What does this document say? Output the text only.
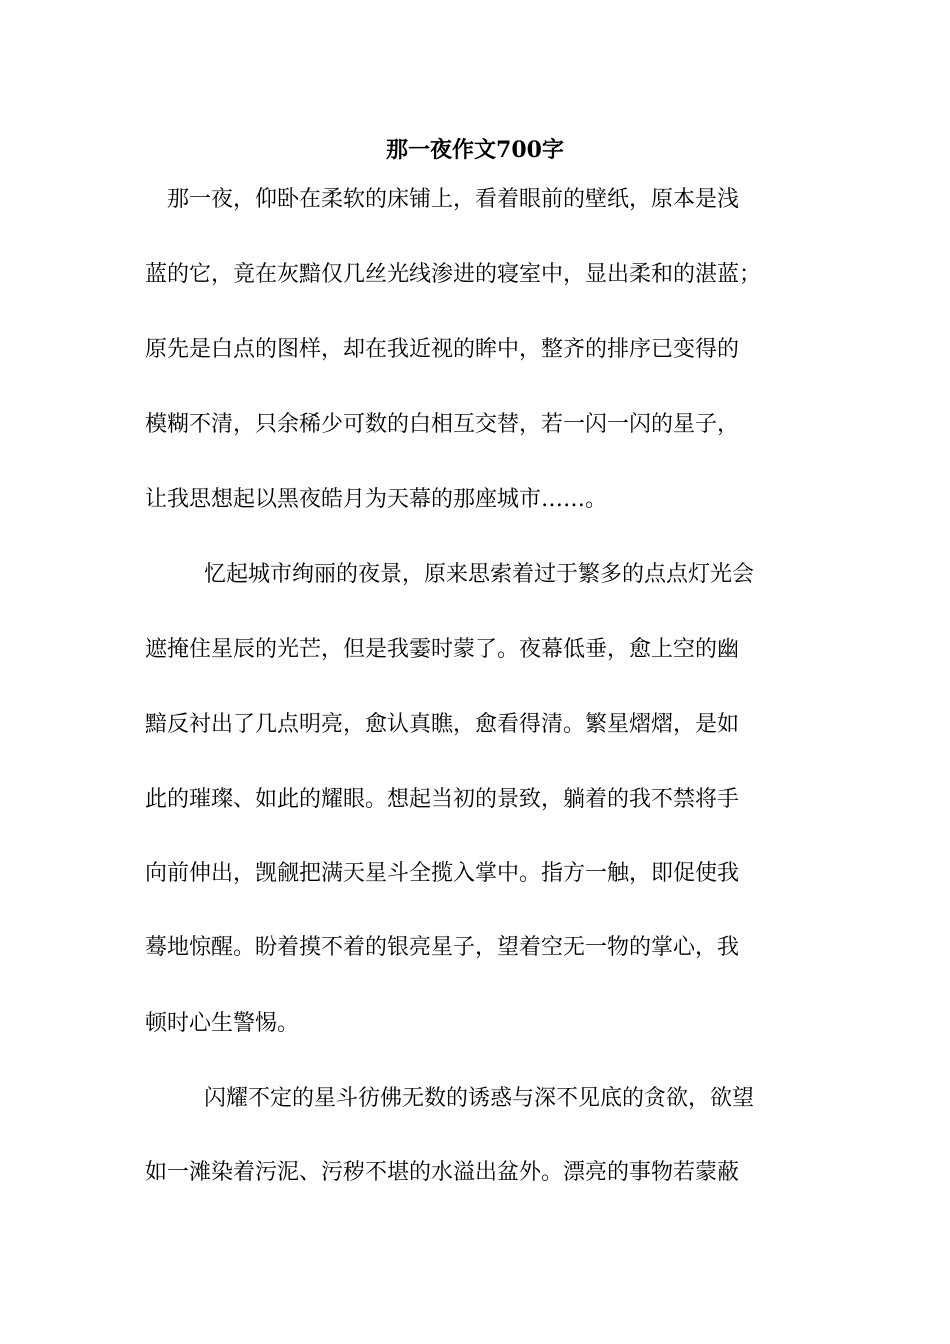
那一夜作文700字

那一夜，仰卧在柔软的床铺上，看着眼前的壁纸，原本是浅

蓝的它，竟在灰黯仅几丝光线渗进的寝室中，显出柔和的湛蓝；

原先是白点的图样，却在我近视的眸中，整齐的排序已变得的

模糊不清，只余稀少可数的白相互交替，若一闪一闪的星子，

让我思想起以黑夜皓月为天幕的那座城市……。

忆起城市绚丽的夜景，原来思索着过于繁多的点点灯光会

遮掩住星辰的光芒，但是我霎时蒙了。夜幕低垂，愈上空的幽

黯反衬出了几点明亮，愈认真瞧，愈看得清。繁星熠熠，是如

此的璀璨、如此的耀眼。想起当初的景致，躺着的我不禁将手

向前伸出，觊觎把满天星斗全揽入掌中。指方一触，即促使我

蓦地惊醒。盼着摸不着的银亮星子，望着空无一物的掌心，我

顿时心生警惕。

闪耀不定的星斗彷佛无数的诱惑与深不见底的贪欲，欲望

如一滩染着污泥、污秽不堪的水溢出盆外。漂亮的事物若蒙蔽
